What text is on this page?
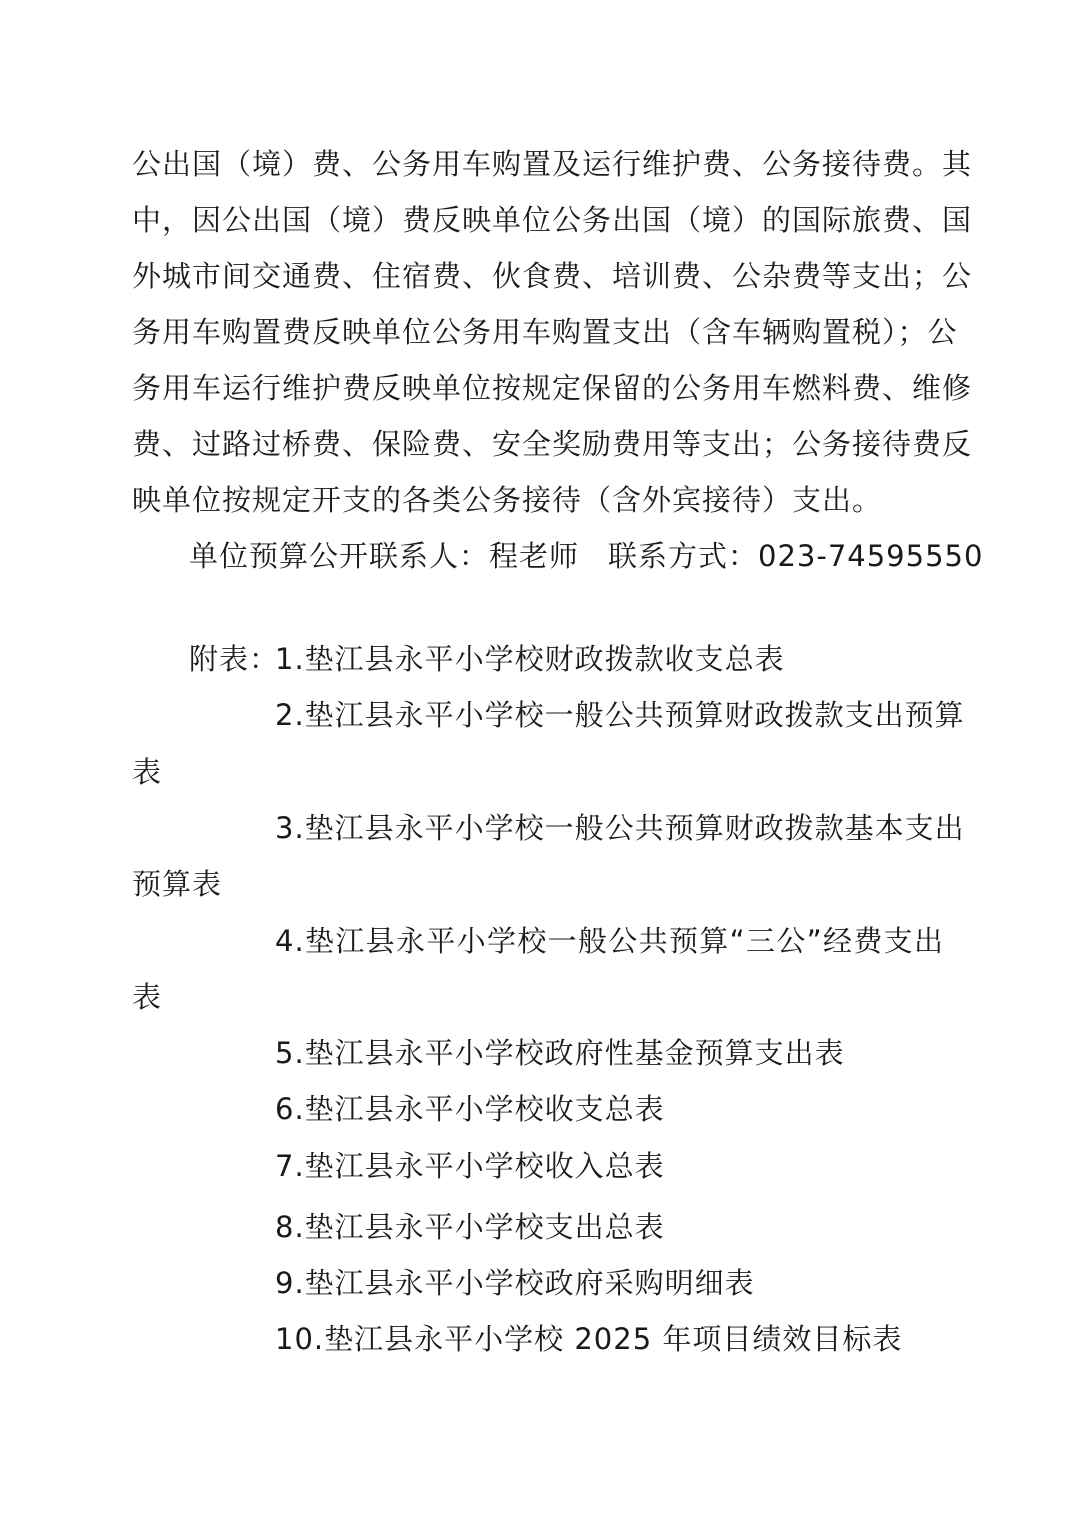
公出国（境）费、公务用车购置及运行维护费、公务接待费。其
中，因公出国（境）费反映单位公务出国（境）的国际旅费、国
外城市间交通费、住宿费、伙食费、培训费、公杂费等支出；公
务用车购置费反映单位公务用车购置支出（含车辆购置税）；公
务用车运行维护费反映单位按规定保留的公务用车燃料费、维修
费、过路过桥费、保险费、安全奖励费用等支出；公务接待费反
映单位按规定开支的各类公务接待（含外宾接待）支出。
单位预算公开联系人：程老师 联系方式：023-74595550
附表：
1.垫江县永平小学校财政拨款收支总表
2.垫江县永平小学校一般公共预算财政拨款支出预算
表
3.垫江县永平小学校一般公共预算财政拨款基本支出
预算表
4.垫江县永平小学校一般公共预算“三公”经费支出
表
5.垫江县永平小学校政府性基金预算支出表
6.垫江县永平小学校收支总表
7.垫江县永平小学校收入总表
8.垫江县永平小学校支出总表
9.垫江县永平小学校政府采购明细表
10.垫江县永平小学校 2025 年项目绩效目标表
